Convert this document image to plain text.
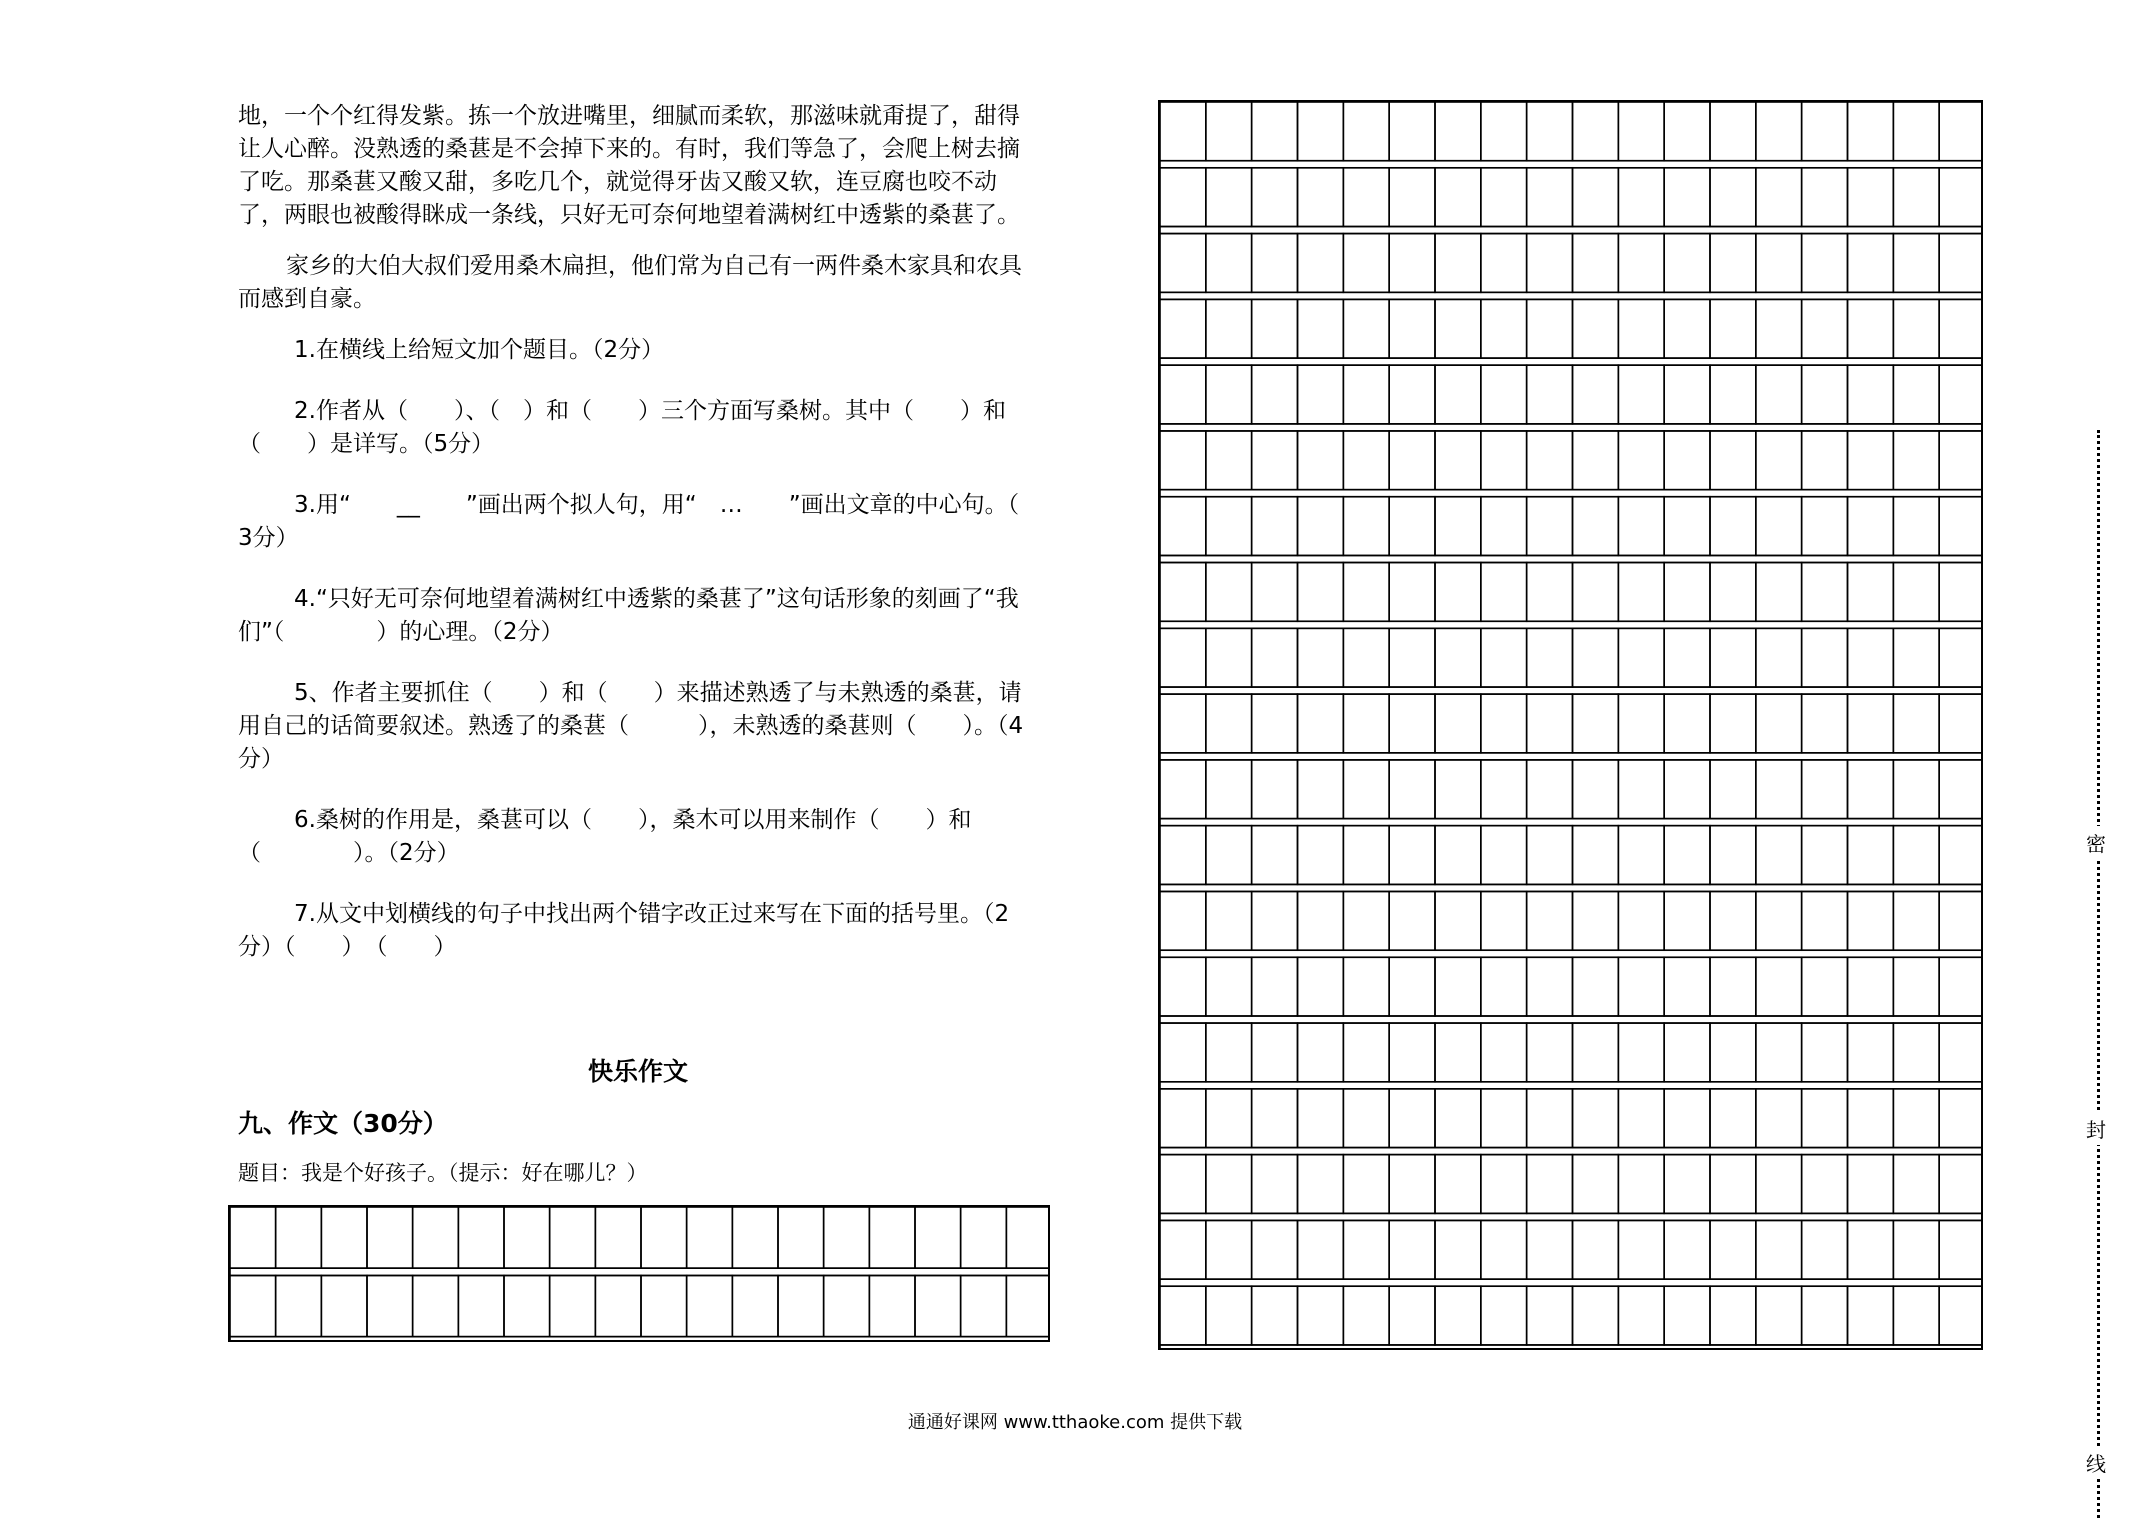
地，一个个红得发紫。拣一个放进嘴里，细腻而柔软，那滋味就甭提了，甜得让人心醉。没熟透的桑葚是不会掉下来的。有时，我们等急了，会爬上树去摘了吃。那桑葚又酸又甜，多吃几个，就觉得牙齿又酸又软，连豆腐也咬不动了，两眼也被酸得眯成一条线，只好无可奈何地望着满树红中透紫的桑葚了。

家乡的大伯大叔们爱用桑木扁担，他们常为自己有一两件桑木家具和农具而感到自豪。

1.在横线上给短文加个题目。（2分）

2.作者从（　　）、（　）和（　　）三个方面写桑树。其中（　　）和（　　）是详写。（5分）

3.用“　　__　　”画出两个拟人句，用“　…　　”画出文章的中心句。（ 3分）

4.“只好无可奈何地望着满树红中透紫的桑葚了”这句话形象的刻画了“我们”（　　　　）的心理。（2分）

5、作者主要抓住（　　）和（　　）来描述熟透了与未熟透的桑葚，请用自己的话简要叙述。熟透了的桑葚（　　　），未熟透的桑葚则（　　）。（4分）

6.桑树的作用是，桑葚可以（　　），桑木可以用来制作（　　）和（　　　　）。（2分）

7.从文中划横线的句子中找出两个错字改正过来写在下面的括号里。（2分）（　　）　（　　）

快乐作文
九、作文（30分）
题目：我是个好孩子。（提示：好在哪儿？）
通通好课网 www.tthaoke.com 提供下载
密
封
线
